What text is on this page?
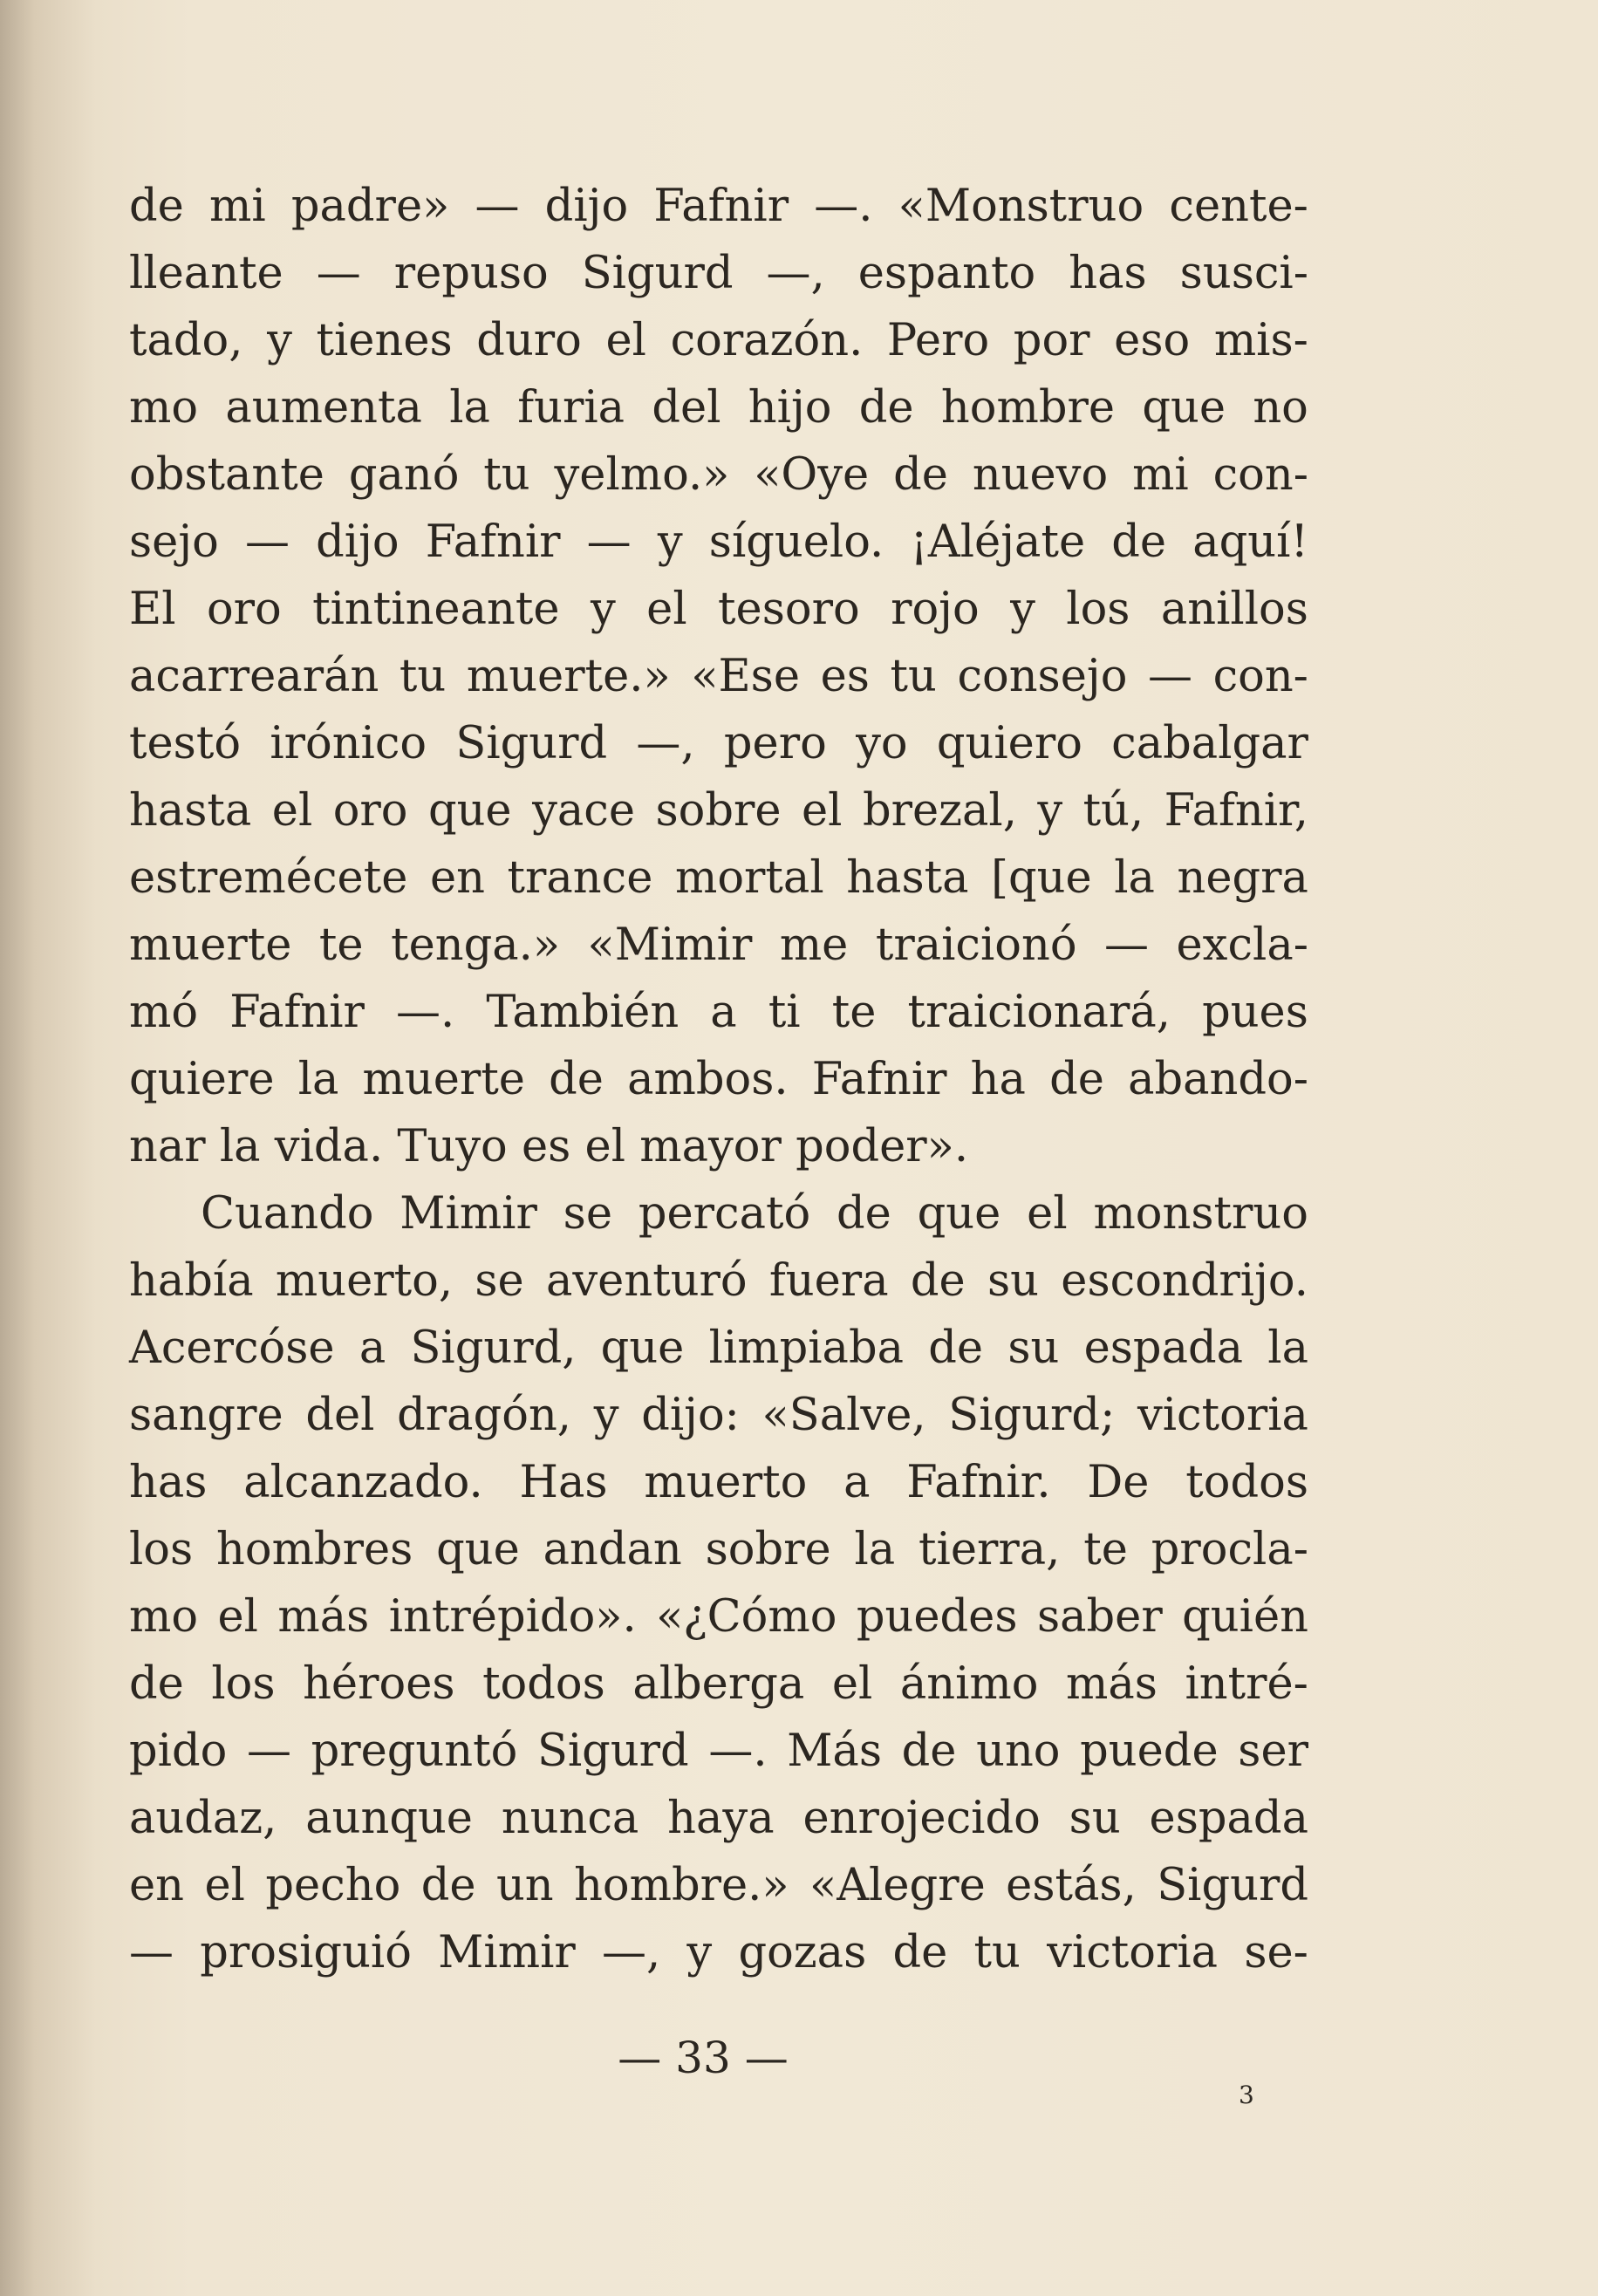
de mi padre» — dijo Fafnir —. «Monstruo cente-
lleante — repuso Sigurd —, espanto has susci-
tado, y tienes duro el corazón. Pero por eso mis-
mo aumenta la furia del hijo de hombre que no
obstante ganó tu yelmo.» «Oye de nuevo mi con-
sejo — dijo Fafnir — y síguelo. ¡Aléjate de aquí!
El oro tintineante y el tesoro rojo y los anillos
acarrearán tu muerte.» «Ese es tu consejo — con-
testó irónico Sigurd —, pero yo quiero cabalgar
hasta el oro que yace sobre el brezal, y tú, Fafnir,
estremécete en trance mortal hasta [que la negra
muerte te tenga.» «Mimir me traicionó — excla-
mó Fafnir —. También a ti te traicionará, pues
quiere la muerte de ambos. Fafnir ha de abando-
nar la vida. Tuyo es el mayor poder».
Cuando Mimir se percató de que el monstruo
había muerto, se aventuró fuera de su escondrijo.
Acercóse a Sigurd, que limpiaba de su espada la
sangre del dragón, y dijo: «Salve, Sigurd; victoria
has alcanzado. Has muerto a Fafnir. De todos
los hombres que andan sobre la tierra, te procla-
mo el más intrépido». «¿Cómo puedes saber quién
de los héroes todos alberga el ánimo más intré-
pido — preguntó Sigurd —. Más de uno puede ser
audaz, aunque nunca haya enrojecido su espada
en el pecho de un hombre.» «Alegre estás, Sigurd
— prosiguió Mimir —, y gozas de tu victoria se-
— 33 —
3
